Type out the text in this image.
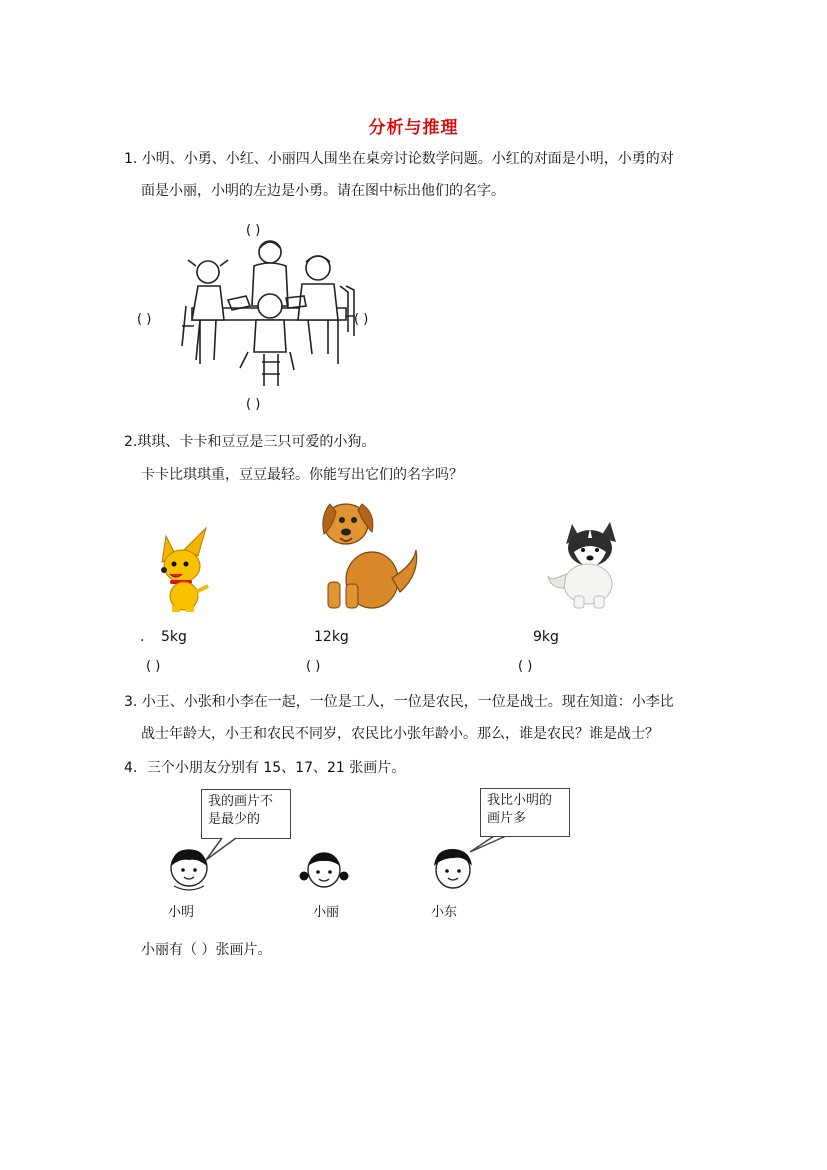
分析与推理
1. 小明、小勇、小红、小丽四人围坐在桌旁讨论数学问题。小红的对面是小明，小勇的对
面是小丽，小明的左边是小勇。请在图中标出他们的名字。
( )
( )	( )
( )
2.琪琪、卡卡和豆豆是三只可爱的小狗。
卡卡比琪琪重，豆豆最轻。你能写出它们的名字吗？
. 5kg	12kg	9kg
( )	( )	( )
3. 小王、小张和小李在一起，一位是工人，一位是农民，一位是战士。现在知道：小李比
战士年龄大，小王和农民不同岁，农民比小张年龄小。那么，谁是农民？谁是战士？
4．三个小朋友分别有 15、17、21 张画片。
我的画片不
是最少的
我比小明的
画片多
小明	小丽	小东
小丽有（ ）张画片。
